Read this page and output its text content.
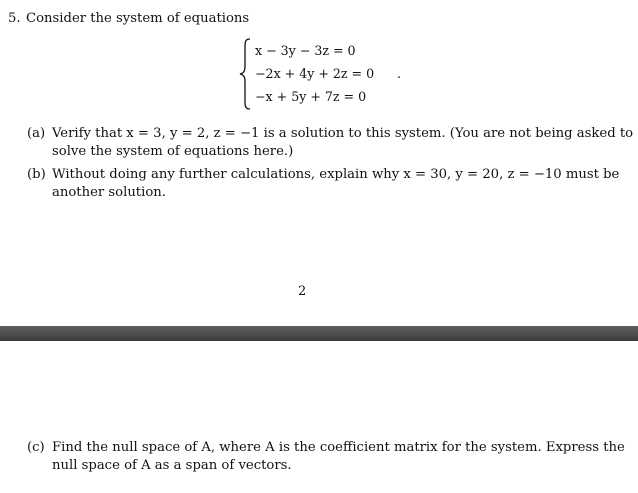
5. Consider the system of equations
x − 3y − 3z = 0
−2x + 4y + 2z = 0
−x + 5y + 7z = 0
.
(a) Verify that x = 3, y = 2, z = −1 is a solution to this system. (You are not being asked to
solve the system of equations here.)
(b) Without doing any further calculations, explain why x = 30, y = 20, z = −10 must be
another solution.
2
(c) Find the null space of A, where A is the coefficient matrix for the system. Express the
null space of A as a span of vectors.
